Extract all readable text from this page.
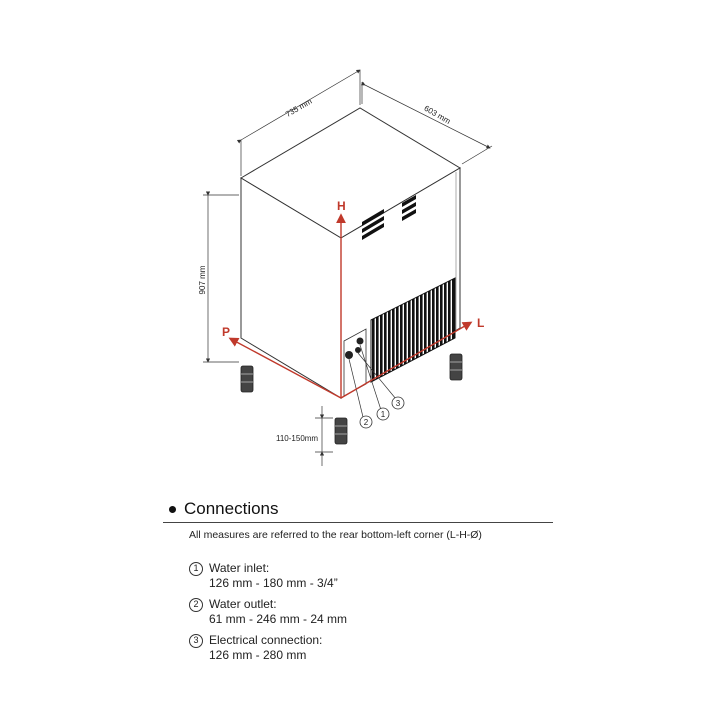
2
1
3
H
P
L
735 mm	603 mm
907 mm
110-150mm
Connections
All measures are referred to the rear bottom-left corner (L-H-Ø)
1 Water inlet:
126 mm - 180 mm - 3/4”
2 Water outlet:
61 mm - 246 mm - 24 mm
3 Electrical connection:
126 mm - 280 mm
